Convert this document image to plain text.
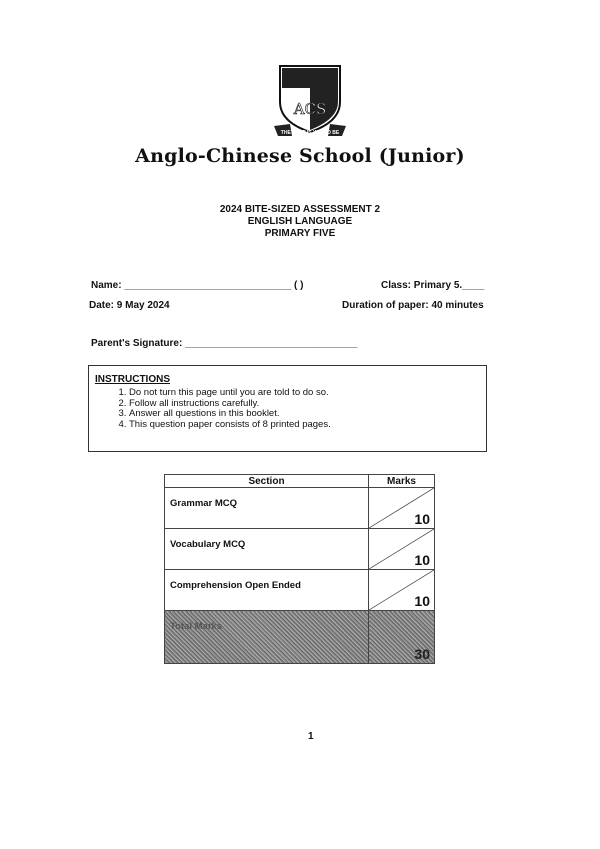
ACS
THE BEST IS YET TO BE
Anglo-Chinese School (Junior)
2024 BITE-SIZED ASSESSMENT 2
ENGLISH LANGUAGE
PRIMARY FIVE
Name: ______________________________ ( )	Class: Primary 5.____
Date: 9 May 2024	Duration of paper: 40 minutes
Parent's Signature: _______________________________
INSTRUCTIONS
1. Do not turn this page until you are told to do so.
2. Follow all instructions carefully.
3. Answer all questions in this booklet.
4. This question paper consists of 8 printed pages.
Section	Marks
Grammar MCQ	10

Vocabulary MCQ	10

Comprehension Open Ended	10

Total Marks	30
1
